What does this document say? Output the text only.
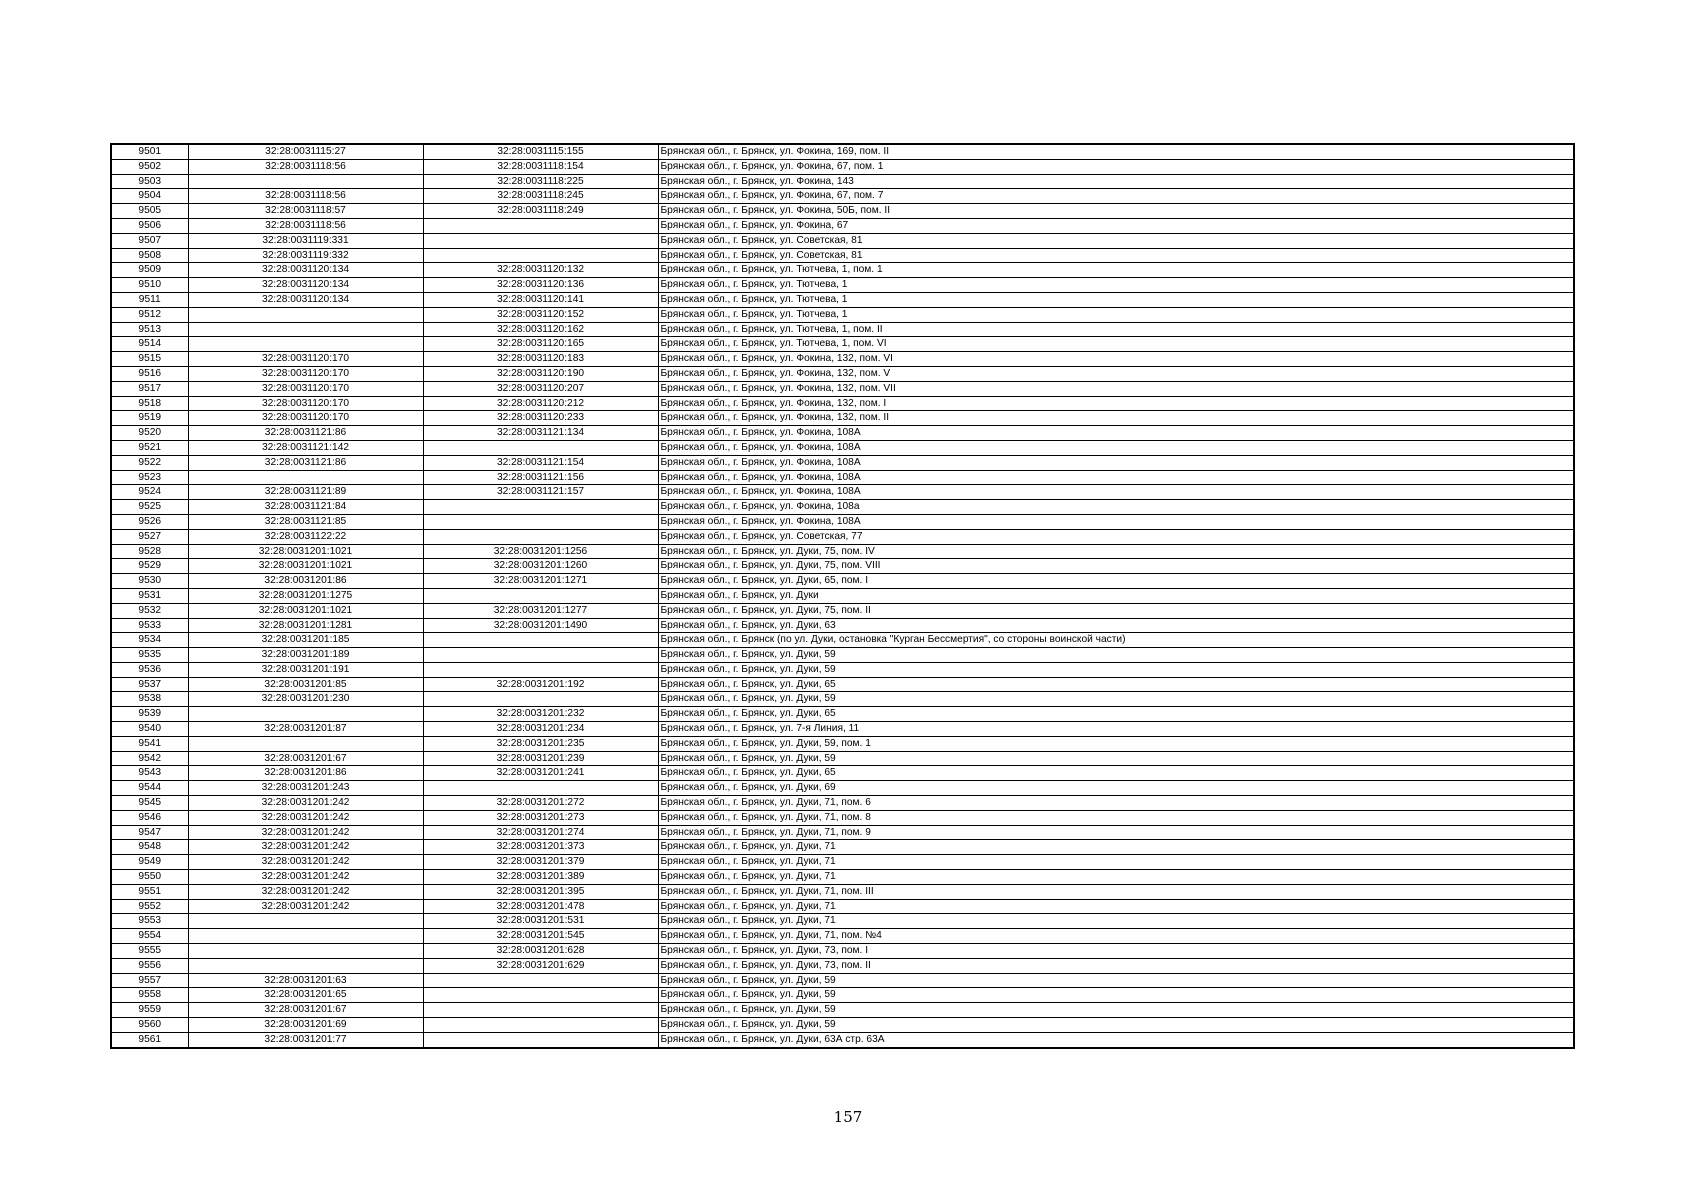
9501	32:28:0031115:27	32:28:0031115:155	Брянская обл., г. Брянск, ул. Фокина, 169, пом. II
9502	32:28:0031118:56	32:28:0031118:154	Брянская обл., г. Брянск, ул. Фокина, 67, пом. 1
9503		32:28:0031118:225	Брянская обл., г. Брянск, ул. Фокина, 143
9504	32:28:0031118:56	32:28:0031118:245	Брянская обл., г. Брянск, ул. Фокина, 67, пом. 7
9505	32:28:0031118:57	32:28:0031118:249	Брянская обл., г. Брянск, ул. Фокина, 50Б, пом. II
9506	32:28:0031118:56		Брянская обл., г. Брянск, ул. Фокина, 67
9507	32:28:0031119:331		Брянская обл., г. Брянск, ул. Советская, 81
9508	32:28:0031119:332		Брянская обл., г. Брянск, ул. Советская, 81
9509	32:28:0031120:134	32:28:0031120:132	Брянская обл., г. Брянск, ул. Тютчева, 1, пом. 1
9510	32:28:0031120:134	32:28:0031120:136	Брянская обл., г. Брянск, ул. Тютчева, 1
9511	32:28:0031120:134	32:28:0031120:141	Брянская обл., г. Брянск, ул. Тютчева, 1
9512		32:28:0031120:152	Брянская обл., г. Брянск, ул. Тютчева, 1
9513		32:28:0031120:162	Брянская обл., г. Брянск, ул. Тютчева, 1, пом. II
9514		32:28:0031120:165	Брянская обл., г. Брянск, ул. Тютчева, 1, пом. VI
9515	32:28:0031120:170	32:28:0031120:183	Брянская обл., г. Брянск, ул. Фокина, 132, пом. VI
9516	32:28:0031120:170	32:28:0031120:190	Брянская обл., г. Брянск, ул. Фокина, 132, пом. V
9517	32:28:0031120:170	32:28:0031120:207	Брянская обл., г. Брянск, ул. Фокина, 132, пом. VII
9518	32:28:0031120:170	32:28:0031120:212	Брянская обл., г. Брянск, ул. Фокина, 132, пом. I
9519	32:28:0031120:170	32:28:0031120:233	Брянская обл., г. Брянск, ул. Фокина, 132, пом. II
9520	32:28:0031121:86	32:28:0031121:134	Брянская обл., г. Брянск, ул. Фокина, 108А
9521	32:28:0031121:142		Брянская обл., г. Брянск, ул. Фокина, 108А
9522	32:28:0031121:86	32:28:0031121:154	Брянская обл., г. Брянск, ул. Фокина, 108А
9523		32:28:0031121:156	Брянская обл., г. Брянск, ул. Фокина, 108А
9524	32:28:0031121:89	32:28:0031121:157	Брянская обл., г. Брянск, ул. Фокина, 108А
9525	32:28:0031121:84		Брянская обл., г. Брянск, ул. Фокина, 108а
9526	32:28:0031121:85		Брянская обл., г. Брянск, ул. Фокина, 108А
9527	32:28:0031122:22		Брянская обл., г. Брянск, ул. Советская, 77
9528	32:28:0031201:1021	32:28:0031201:1256	Брянская обл., г. Брянск, ул. Дуки, 75, пом. IV
9529	32:28:0031201:1021	32:28:0031201:1260	Брянская обл., г. Брянск, ул. Дуки, 75, пом. VIII
9530	32:28:0031201:86	32:28:0031201:1271	Брянская обл., г. Брянск, ул. Дуки, 65, пом. I
9531	32:28:0031201:1275		Брянская обл., г. Брянск, ул. Дуки
9532	32:28:0031201:1021	32:28:0031201:1277	Брянская обл., г. Брянск, ул. Дуки, 75, пом. II
9533	32:28:0031201:1281	32:28:0031201:1490	Брянская обл., г. Брянск, ул. Дуки, 63
9534	32:28:0031201:185		Брянская обл., г. Брянск (по ул. Дуки, остановка "Курган Бессмертия", со стороны воинской части)
9535	32:28:0031201:189		Брянская обл., г. Брянск, ул. Дуки, 59
9536	32:28:0031201:191		Брянская обл., г. Брянск, ул. Дуки, 59
9537	32:28:0031201:85	32:28:0031201:192	Брянская обл., г. Брянск, ул. Дуки, 65
9538	32:28:0031201:230		Брянская обл., г. Брянск, ул. Дуки, 59
9539		32:28:0031201:232	Брянская обл., г. Брянск, ул. Дуки, 65
9540	32:28:0031201:87	32:28:0031201:234	Брянская обл., г. Брянск, ул. 7-я Линия, 11
9541		32:28:0031201:235	Брянская обл., г. Брянск, ул. Дуки, 59, пом. 1
9542	32:28:0031201:67	32:28:0031201:239	Брянская обл., г. Брянск, ул. Дуки, 59
9543	32:28:0031201:86	32:28:0031201:241	Брянская обл., г. Брянск, ул. Дуки, 65
9544	32:28:0031201:243		Брянская обл., г. Брянск, ул. Дуки, 69
9545	32:28:0031201:242	32:28:0031201:272	Брянская обл., г. Брянск, ул. Дуки, 71, пом. 6
9546	32:28:0031201:242	32:28:0031201:273	Брянская обл., г. Брянск, ул. Дуки, 71, пом. 8
9547	32:28:0031201:242	32:28:0031201:274	Брянская обл., г. Брянск, ул. Дуки, 71, пом. 9
9548	32:28:0031201:242	32:28:0031201:373	Брянская обл., г. Брянск, ул. Дуки, 71
9549	32:28:0031201:242	32:28:0031201:379	Брянская обл., г. Брянск, ул. Дуки, 71
9550	32:28:0031201:242	32:28:0031201:389	Брянская обл., г. Брянск, ул. Дуки, 71
9551	32:28:0031201:242	32:28:0031201:395	Брянская обл., г. Брянск, ул. Дуки, 71, пом. III
9552	32:28:0031201:242	32:28:0031201:478	Брянская обл., г. Брянск, ул. Дуки, 71
9553		32:28:0031201:531	Брянская обл., г. Брянск, ул. Дуки, 71
9554		32:28:0031201:545	Брянская обл., г. Брянск, ул. Дуки, 71, пом. №4
9555		32:28:0031201:628	Брянская обл., г. Брянск, ул. Дуки, 73, пом. I
9556		32:28:0031201:629	Брянская обл., г. Брянск, ул. Дуки, 73, пом. II
9557	32:28:0031201:63		Брянская обл., г. Брянск, ул. Дуки, 59
9558	32:28:0031201:65		Брянская обл., г. Брянск, ул. Дуки, 59
9559	32:28:0031201:67		Брянская обл., г. Брянск, ул. Дуки, 59
9560	32:28:0031201:69		Брянская обл., г. Брянск, ул. Дуки, 59
9561	32:28:0031201:77		Брянская обл., г. Брянск, ул. Дуки, 63А стр. 63А
157
